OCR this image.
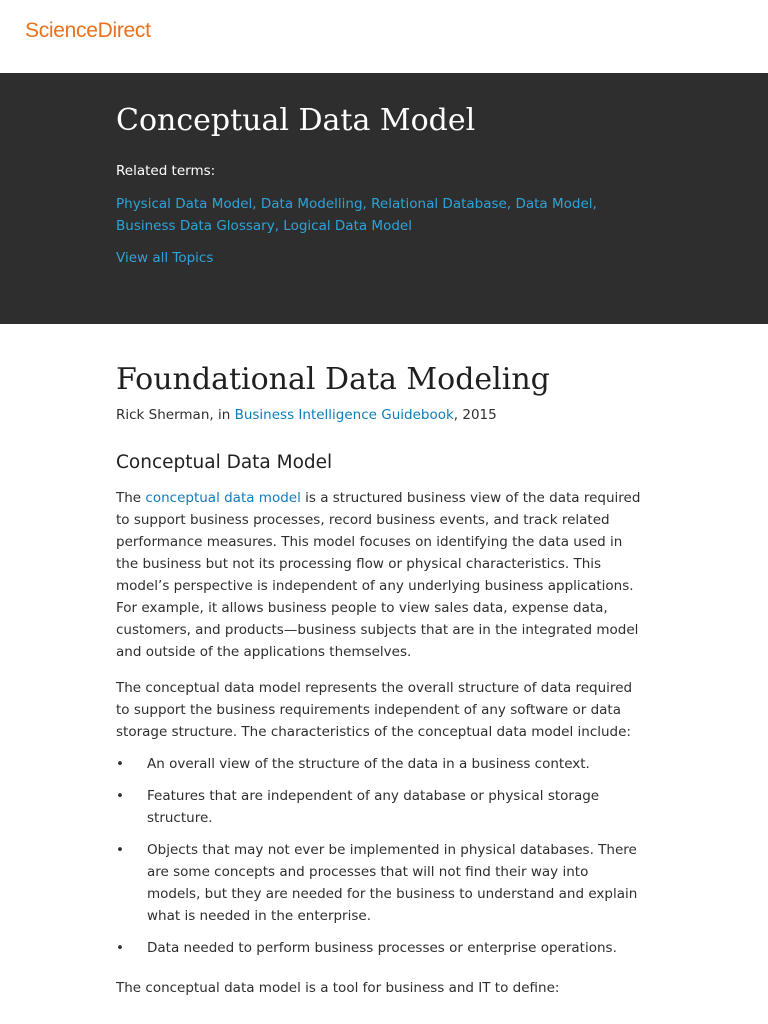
ScienceDirect
Conceptual Data Model
Related terms:
Physical Data Model, Data Modelling, Relational Database, Data Model, Business Data Glossary, Logical Data Model
View all Topics
Foundational Data Modeling
Rick Sherman, in Business Intelligence Guidebook, 2015
Conceptual Data Model

The conceptual data model is a structured business view of the data required to support business processes, record business events, and track related performance measures. This model focuses on identifying the data used in the business but not its processing flow or physical characteristics. This model’s perspective is independent of any underlying business applications. For example, it allows business people to view sales data, expense data, customers, and products—business subjects that are in the integrated model and outside of the applications themselves.

The conceptual data model represents the overall structure of data required to support the business requirements independent of any software or data storage structure. The characteristics of the conceptual data model include:

• An overall view of the structure of the data in a business context.
• Features that are independent of any database or physical storage structure.
• Objects that may not ever be implemented in physical databases. There are some concepts and processes that will not find their way into models, but they are needed for the business to understand and explain what is needed in the enterprise.
• Data needed to perform business processes or enterprise operations.

The conceptual data model is a tool for business and IT to define:
